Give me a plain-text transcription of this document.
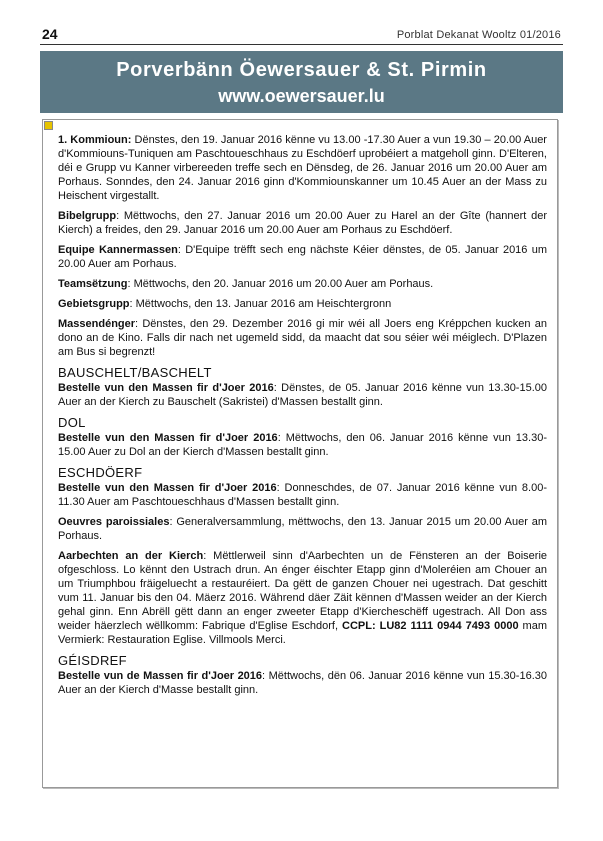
24	Porblat Dekanat Wooltz 01/2016
Porverbänn Öewersauer & St. Pirmin
www.oewersauer.lu

1. Kommioun: Dënstes, den 19. Januar 2016 kënne vu 13.00 -17.30 Auer a vun 19.30 – 20.00 Auer d'Kommiouns-Tuniquen am Paschtoueschhaus zu Eschdöerf uprobéiert a matgeholl ginn. D'Elteren, déi e Grupp vu Kanner virbereeden treffe sech en Dënsdeg, de 26. Januar 2016 um 20.00 Auer am Porhaus. Sonndes, den 24. Januar 2016 ginn d'Kommiounskanner um 10.45 Auer an der Mass zu Heischent virgestallt.

Bibelgrupp: Mëttwochs, den 27. Januar 2016 um 20.00 Auer zu Harel an der Gîte (hannert der Kierch) a freides, den 29. Januar 2016 um 20.00 Auer am Porhaus zu Eschdöerf.

Equipe Kannermassen: D'Equipe trëfft sech eng nächste Kéier dënstes, de 05. Januar 2016 um 20.00 Auer am Porhaus.

Teamsëtzung: Mëttwochs, den 20. Januar 2016 um 20.00 Auer am Porhaus.

Gebietsgrupp: Mëttwochs, den 13. Januar 2016 am Heischtergronn

Massendénger: Dënstes, den 29. Dezember 2016 gi mir wéi all Joers eng Kréppchen kucken an dono an de Kino. Falls dir nach net ugemeld sidd, da maacht dat sou séier wéi méiglech. D'Plazen am Bus si begrenzt!

BAUSCHELT/BASCHELT

Bestelle vun den Massen fir d'Joer 2016: Dënstes, de 05. Januar 2016 kënne vun 13.30-15.00 Auer an der Kierch zu Bauschelt (Sakristei) d'Massen bestallt ginn.

DOL

Bestelle vun den Massen fir d'Joer 2016: Mëttwochs, den 06. Januar 2016 kënne vun 13.30-15.00 Auer zu Dol an der Kierch d'Massen bestallt ginn.

ESCHDÖERF

Bestelle vun den Massen fir d'Joer 2016: Donneschdes, de 07. Januar 2016 kënne vun 8.00-11.30 Auer am Paschtoueschhaus d'Massen bestallt ginn.

Oeuvres paroissiales: Generalversammlung, mëttwochs, den 13. Januar 2015 um 20.00 Auer am Porhaus.

Aarbechten an der Kierch: Mëttlerweil sinn d'Aarbechten un de Fënsteren an der Boiserie ofgeschloss. Lo kënnt den Ustrach drun. An énger éischter Etapp ginn d'Moleréien am Chouer an um Triumphbou fräigeluecht a restauréiert. Da gëtt de ganzen Chouer nei ugestrach. Dat geschitt vum 11. Januar bis den 04. Mäerz 2016. Während däer Zäit kënnen d'Massen weider an der Kierch gehal ginn. Enn Abrëll gëtt dann an enger zweeter Etapp d'Kiercheschëff ugestrach. All Don ass weider häerzlech wëllkomm: Fabrique d'Eglise Eschdorf, CCPL: LU82 1111 0944 7493 0000 mam Vermierk: Restauration Eglise. Villmools Merci.

GÉISDREF

Bestelle vun de Massen fir d'Joer 2016: Mëttwochs, dën 06. Januar 2016 kënne vun 15.30-16.30 Auer an der Kierch d'Masse bestallt ginn.
